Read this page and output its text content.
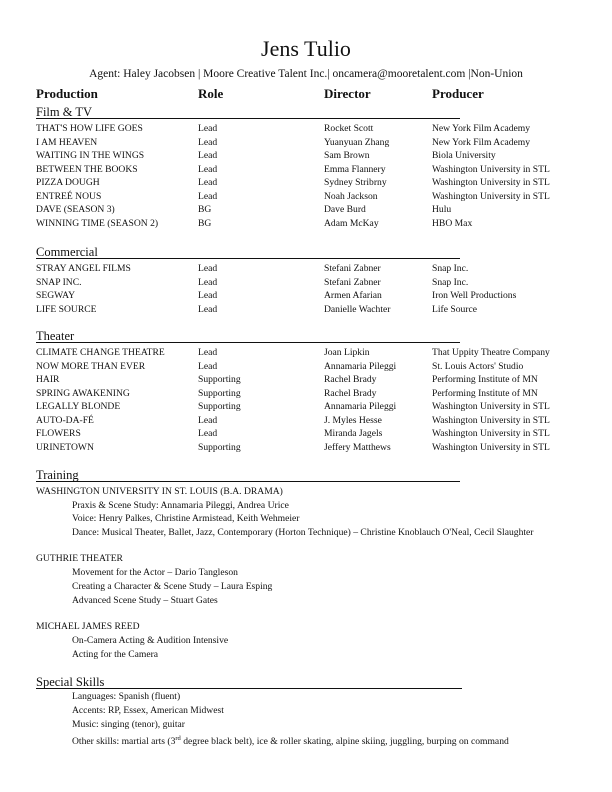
Jens Tulio
Agent: Haley Jacobsen | Moore Creative Talent Inc.| oncamera@mooretalent.com |Non-Union
Production	Role	Director	Producer
Film & TV
THAT'S HOW LIFE GOES	Lead	Rocket Scott	New York Film Academy
I AM HEAVEN	Lead	Yuanyuan Zhang	New York Film Academy
WAITING IN THE WINGS	Lead	Sam Brown	Biola University
BETWEEN THE BOOKS	Lead	Emma Flannery	Washington University in STL
PIZZA DOUGH	Lead	Sydney Stribrny	Washington University in STL
ENTREÉ NOUS	Lead	Noah Jackson	Washington University in STL
DAVE (SEASON 3)	BG	Dave Burd	Hulu
WINNING TIME (SEASON 2)	BG	Adam McKay	HBO Max
Commercial
STRAY ANGEL FILMS	Lead	Stefani Zabner	Snap Inc.
SNAP INC.	Lead	Stefani Zabner	Snap Inc.
SEGWAY	Lead	Armen Afarian	Iron Well Productions
LIFE SOURCE	Lead	Danielle Wachter	Life Source
Theater
CLIMATE CHANGE THEATRE	Lead	Joan Lipkin	That Uppity Theatre Company
NOW MORE THAN EVER	Lead	Annamaria Pileggi	St. Louis Actors' Studio
HAIR	Supporting	Rachel Brady	Performing Institute of MN
SPRING AWAKENING	Supporting	Rachel Brady	Performing Institute of MN
LEGALLY BLONDE	Supporting	Annamaria Pileggi	Washington University in STL
AUTO-DA-FÉ	Lead	J. Myles Hesse	Washington University in STL
FLOWERS	Lead	Miranda Jagels	Washington University in STL
URINETOWN	Supporting	Jeffery Matthews	Washington University in STL
Training
WASHINGTON UNIVERSITY IN ST. LOUIS (B.A. DRAMA)
Praxis & Scene Study: Annamaria Pileggi, Andrea Urice
Voice: Henry Palkes, Christine Armistead, Keith Wehmeier
Dance: Musical Theater, Ballet, Jazz, Contemporary (Horton Technique) – Christine Knoblauch O'Neal, Cecil Slaughter
GUTHRIE THEATER
Movement for the Actor – Dario Tangleson
Creating a Character & Scene Study – Laura Esping
Advanced Scene Study – Stuart Gates
MICHAEL JAMES REED
On-Camera Acting & Audition Intensive
Acting for the Camera
Special Skills
Languages: Spanish (fluent)
Accents: RP, Essex, American Midwest
Music: singing (tenor), guitar
Other skills: martial arts (3rd degree black belt), ice & roller skating, alpine skiing, juggling, burping on command
